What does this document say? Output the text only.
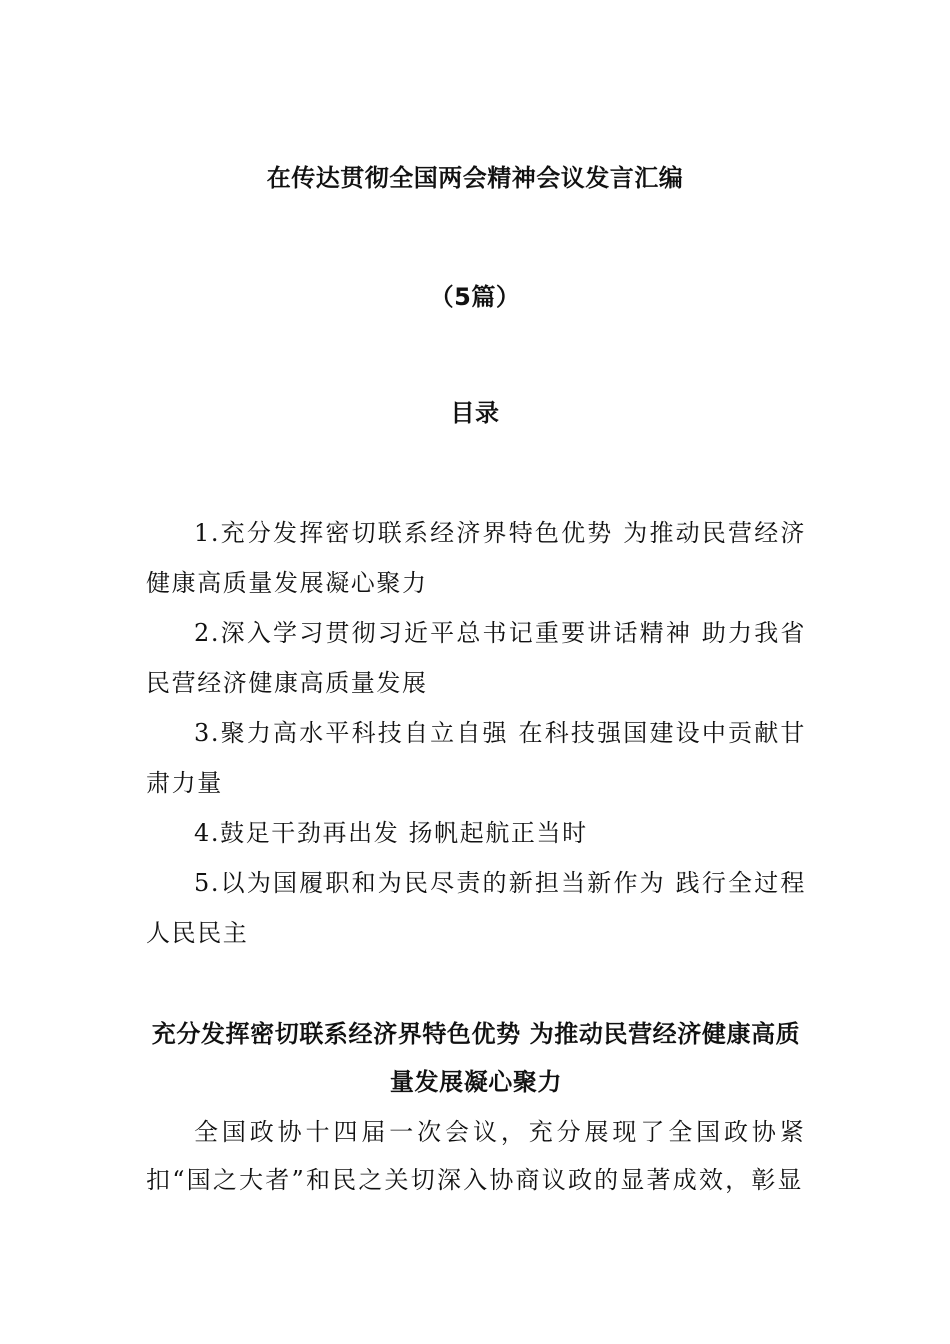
在传达贯彻全国两会精神会议发言汇编
（5篇）
目录
1.充分发挥密切联系经济界特色优势 为推动民营经济健康高质量发展凝心聚力
2.深入学习贯彻习近平总书记重要讲话精神 助力我省民营经济健康高质量发展
3.聚力高水平科技自立自强 在科技强国建设中贡献甘肃力量
4.鼓足干劲再出发 扬帆起航正当时
5.以为国履职和为民尽责的新担当新作为 践行全过程人民民主
充分发挥密切联系经济界特色优势 为推动民营经济健康高质量发展凝心聚力
全国政协十四届一次会议，充分展现了全国政协紧扣“国之大者”和民之关切深入协商议政的显著成效，彰显
